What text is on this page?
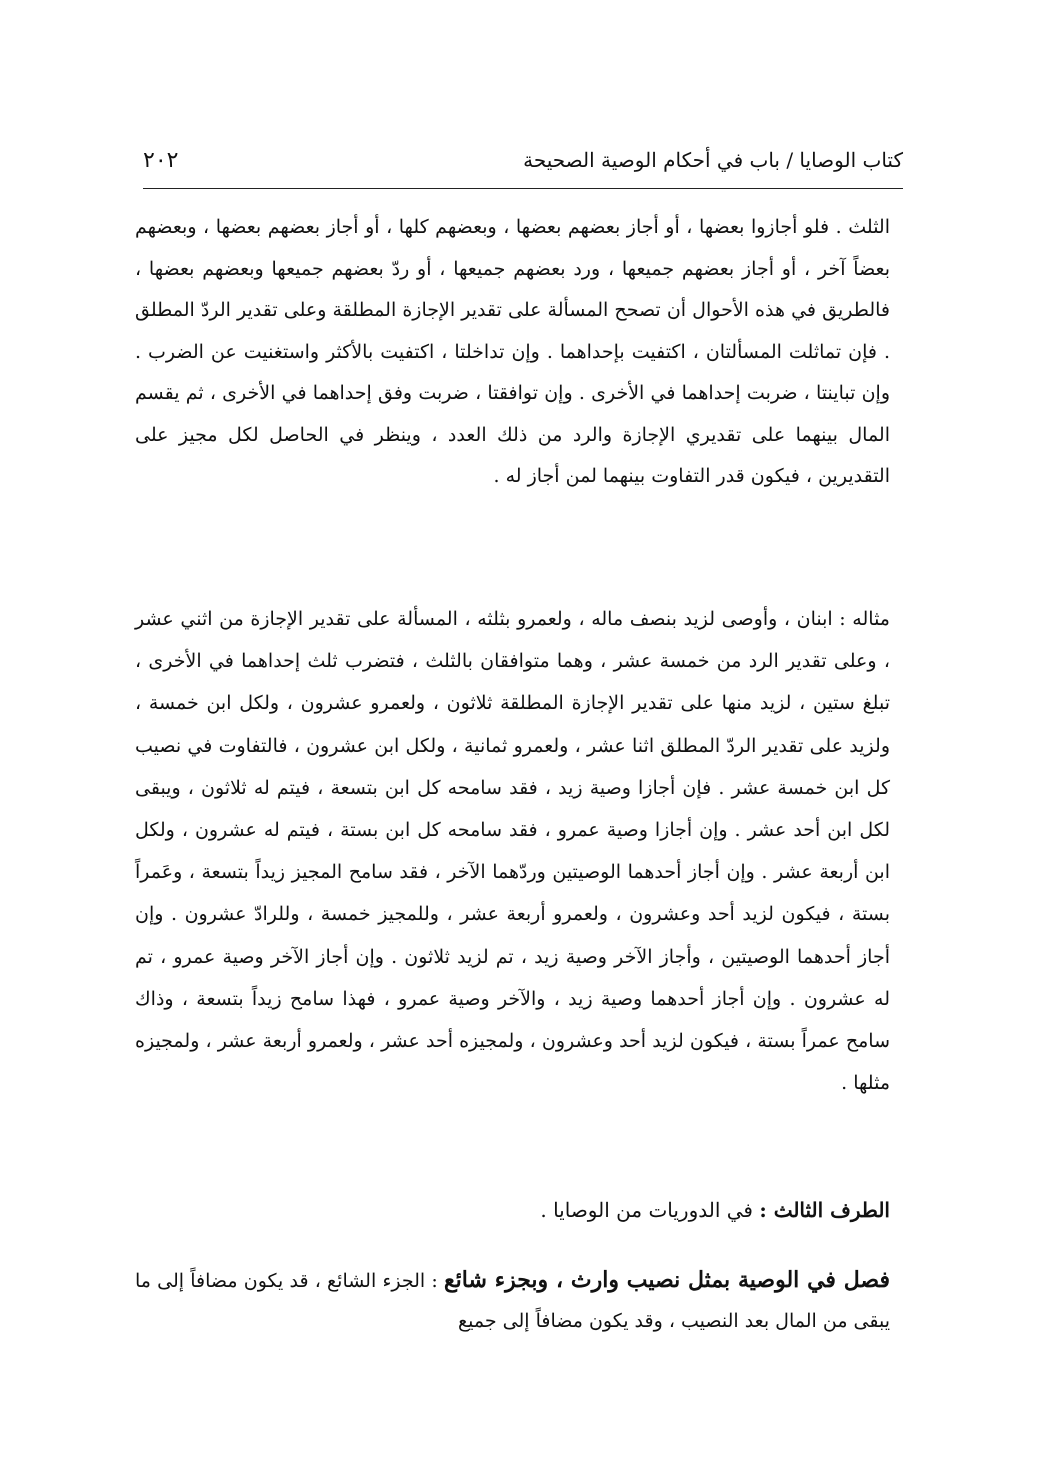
٢٠٢	كتاب الوصايا / باب في أحكام الوصية الصحيحة
الثلث . فلو أجازوا بعضها ، أو أجاز بعضهم بعضها ، وبعضهم كلها ، أو أجاز بعضهم بعضها ، وبعضهم بعضاً آخر ، أو أجاز بعضهم جميعها ، ورد بعضهم جميعها ، أو ردّ بعضهم جميعها وبعضهم بعضها ، فالطريق في هذه الأحوال أن تصحح المسألة على تقدير الإجازة المطلقة وعلى تقدير الردّ المطلق . فإن تماثلت المسألتان ، اكتفيت بإحداهما . وإن تداخلتا ، اكتفيت بالأكثر واستغنيت عن الضرب . وإن تباينتا ، ضربت إحداهما في الأخرى . وإن توافقتا ، ضربت وفق إحداهما في الأخرى ، ثم يقسم المال بينهما على تقديري الإجازة والرد من ذلك العدد ، وينظر في الحاصل لكل مجيز على التقديرين ، فيكون قدر التفاوت بينهما لمن أجاز له .
مثاله : ابنان ، وأوصى لزيد بنصف ماله ، ولعمرو بثلثه ، المسألة على تقدير الإجازة من اثني عشر ، وعلى تقدير الرد من خمسة عشر ، وهما متوافقان بالثلث ، فتضرب ثلث إحداهما في الأخرى ، تبلغ ستين ، لزيد منها على تقدير الإجازة المطلقة ثلاثون ، ولعمرو عشرون ، ولكل ابن خمسة ، ولزيد على تقدير الردّ المطلق اثنا عشر ، ولعمرو ثمانية ، ولكل ابن عشرون ، فالتفاوت في نصيب كل ابن خمسة عشر . فإن أجازا وصية زيد ، فقد سامحه كل ابن بتسعة ، فيتم له ثلاثون ، ويبقى لكل ابن أحد عشر . وإن أجازا وصية عمرو ، فقد سامحه كل ابن بستة ، فيتم له عشرون ، ولكل ابن أربعة عشر . وإن أجاز أحدهما الوصيتين وردّهما الآخر ، فقد سامح المجيز زيداً بتسعة ، وعَمراً بستة ، فيكون لزيد أحد وعشرون ، ولعمرو أربعة عشر ، وللمجيز خمسة ، وللرادّ عشرون . وإن أجاز أحدهما الوصيتين ، وأجاز الآخر وصية زيد ، تم لزيد ثلاثون . وإن أجاز الآخر وصية عمرو ، تم له عشرون . وإن أجاز أحدهما وصية زيد ، والآخر وصية عمرو ، فهذا سامح زيداً بتسعة ، وذاك سامح عمراً بستة ، فيكون لزيد أحد وعشرون ، ولمجيزه أحد عشر ، ولعمرو أربعة عشر ، ولمجيزه مثلها .
الطرف الثالث : في الدوريات من الوصايا .
فصل في الوصية بمثل نصيب وارث ، وبجزء شائع : الجزء الشائع ، قد يكون مضافاً إلى ما يبقى من المال بعد النصيب ، وقد يكون مضافاً إلى جميع
